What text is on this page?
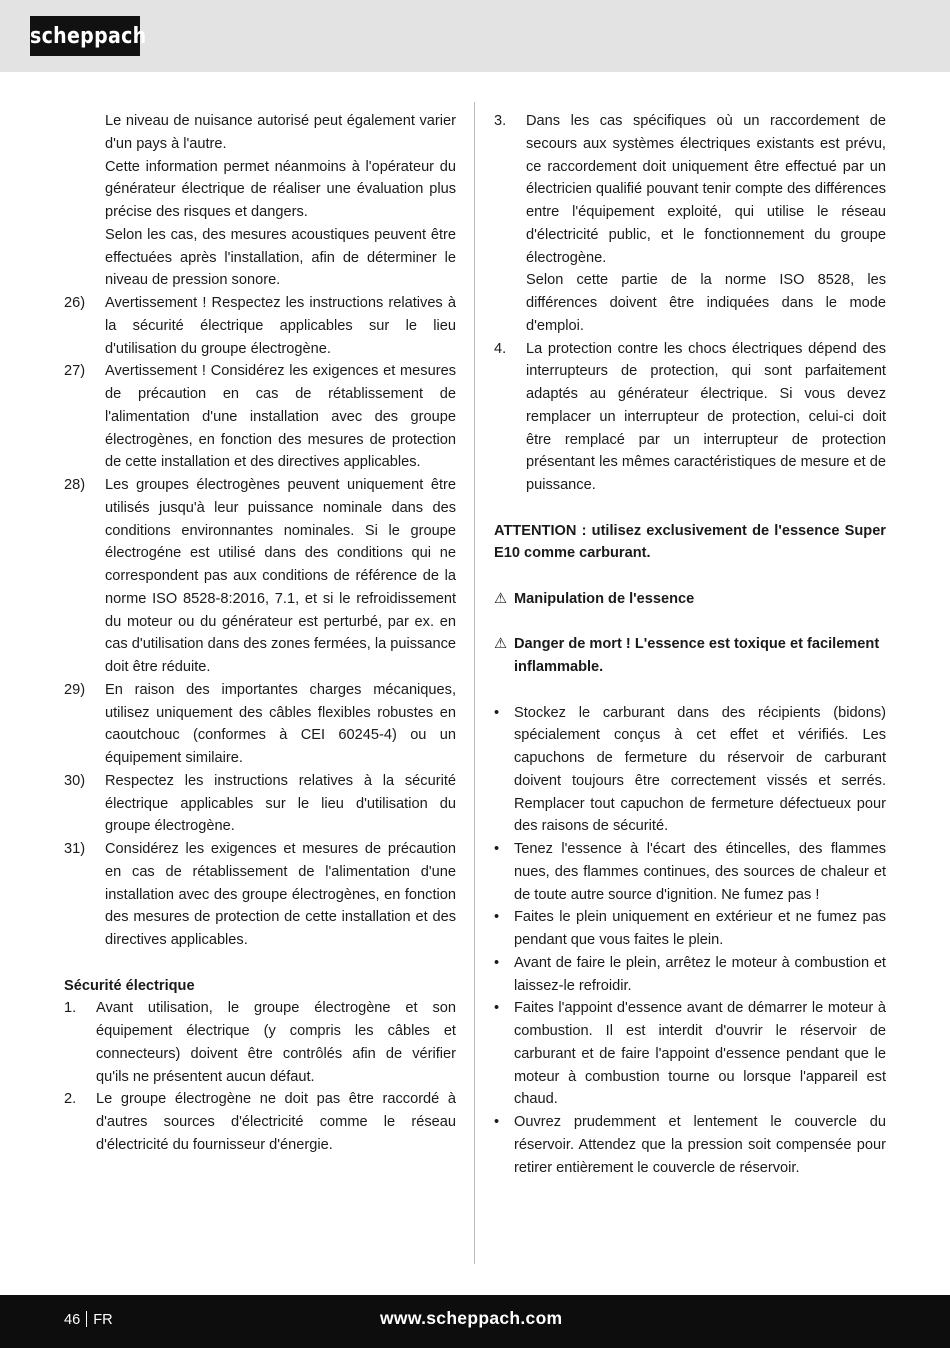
scheppach

Le niveau de nuisance autorisé peut également varier d'un pays à l'autre.

Cette information permet néanmoins à l'opérateur du générateur électrique de réaliser une évaluation plus précise des risques et dangers.

Selon les cas, des mesures acoustiques peuvent être effectuées après l'installation, afin de déterminer le niveau de pression sonore.

26) Avertissement ! Respectez les instructions relatives à la sécurité électrique applicables sur le lieu d'utilisation du groupe électrogène.
27) Avertissement ! Considérez les exigences et mesures de précaution en cas de rétablissement de l'alimentation d'une installation avec des groupe électrogènes, en fonction des mesures de protection de cette installation et des directives applicables.
28) Les groupes électrogènes peuvent uniquement être utilisés jusqu'à leur puissance nominale dans des conditions environnantes nominales. Si le groupe électrogéne est utilisé dans des conditions qui ne correspondent pas aux conditions de référence de la norme ISO 8528-8:2016, 7.1, et si le refroidissement du moteur ou du générateur est perturbé, par ex. en cas d'utilisation dans des zones fermées, la puissance doit être réduite.
29) En raison des importantes charges mécaniques, utilisez uniquement des câbles flexibles robustes en caoutchouc (conformes à CEI 60245-4) ou un équipement similaire.
30) Respectez les instructions relatives à la sécurité électrique applicables sur le lieu d'utilisation du groupe électrogène.
31) Considérez les exigences et mesures de précaution en cas de rétablissement de l'alimentation d'une installation avec des groupe électrogènes, en fonction des mesures de protection de cette installation et des directives applicables.

Sécurité électrique

1. Avant utilisation, le groupe électrogène et son équipement électrique (y compris les câbles et connecteurs) doivent être contrôlés afin de vérifier qu'ils ne présentent aucun défaut.
2. Le groupe électrogène ne doit pas être raccordé à d'autres sources d'électricité comme le réseau d'électricité du fournisseur d'énergie.
3. Dans les cas spécifiques où un raccordement de secours aux systèmes électriques existants est prévu, ce raccordement doit uniquement être effectué par un électricien qualifié pouvant tenir compte des différences entre l'équipement exploité, qui utilise le réseau d'électricité public, et le fonctionnement du groupe électrogène.

Selon cette partie de la norme ISO 8528, les différences doivent être indiquées dans le mode d'emploi.

4. La protection contre les chocs électriques dépend des interrupteurs de protection, qui sont parfaitement adaptés au générateur électrique. Si vous devez remplacer un interrupteur de protection, celui-ci doit être remplacé par un interrupteur de protection présentant les mêmes caractéristiques de mesure et de puissance.

ATTENTION : utilisez exclusivement de l'essence Super E10 comme carburant.

⚠ Manipulation de l'essence
⚠ Danger de mort ! L'essence est toxique et facilement inflammable.
• Stockez le carburant dans des récipients (bidons) spécialement conçus à cet effet et vérifiés. Les capuchons de fermeture du réservoir de carburant doivent toujours être correctement vissés et serrés. Remplacer tout capuchon de fermeture défectueux pour des raisons de sécurité.
• Tenez l'essence à l'écart des étincelles, des flammes nues, des flammes continues, des sources de chaleur et de toute autre source d'ignition. Ne fumez pas !
• Faites le plein uniquement en extérieur et ne fumez pas pendant que vous faites le plein.
• Avant de faire le plein, arrêtez le moteur à combustion et laissez-le refroidir.
• Faites l'appoint d'essence avant de démarrer le moteur à combustion. Il est interdit d'ouvrir le réservoir de carburant et de faire l'appoint d'essence pendant que le moteur à combustion tourne ou lorsque l'appareil est chaud.
• Ouvrez prudemment et lentement le couvercle du réservoir. Attendez que la pression soit compensée pour retirer entièrement le couvercle de réservoir.
46 FR	www.scheppach.com
